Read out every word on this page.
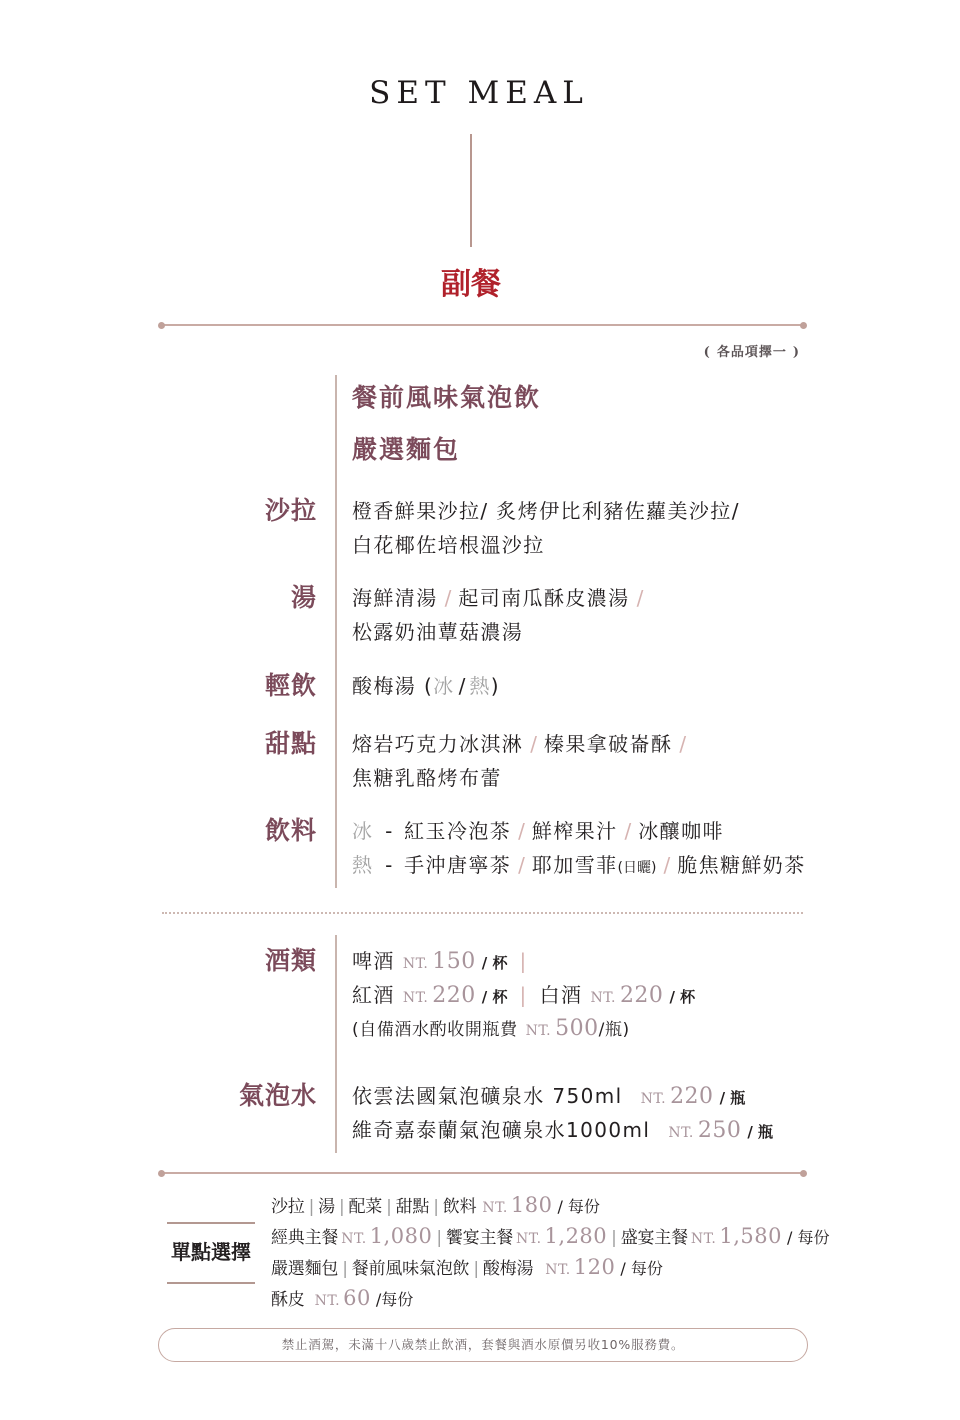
SET MEAL
副餐
( 各品項擇一 )
餐前風味氣泡飲
嚴選麵包
沙拉 橙香鮮果沙拉/ 炙烤伊比利豬佐蘿美沙拉/
白花椰佐培根溫沙拉
湯 海鮮清湯 / 起司南瓜酥皮濃湯 /
松露奶油蕈菇濃湯
輕飲 酸梅湯 (冰 / 熱)
甜點 熔岩巧克力冰淇淋 / 榛果拿破崙酥 /
焦糖乳酪烤布蕾
飲料 冰 - 紅玉冷泡茶 / 鮮榨果汁 / 冰釀咖啡
熱 - 手沖唐寧茶 / 耶加雪菲(日曬) / 脆焦糖鮮奶茶
酒類 啤酒 NT. 150 / 杯 |
紅酒 NT. 220 / 杯 | 白酒 NT. 220 / 杯
(自備酒水酌收開瓶費 NT. 500/瓶)
氣泡水 依雲法國氣泡礦泉水 750ml NT. 220 / 瓶
維奇嘉泰蘭氣泡礦泉水1000ml NT. 250 / 瓶
單點選擇
沙拉 | 湯 | 配菜 | 甜點 | 飲料 NT. 180 / 每份
經典主餐 NT. 1,080 | 饗宴主餐 NT. 1,280 | 盛宴主餐 NT. 1,580 / 每份
嚴選麵包 | 餐前風味氣泡飲 | 酸梅湯 NT. 120 / 每份
酥皮 NT. 60 /每份
禁止酒駕，未滿十八歲禁止飲酒，套餐與酒水原價另收10%服務費。
